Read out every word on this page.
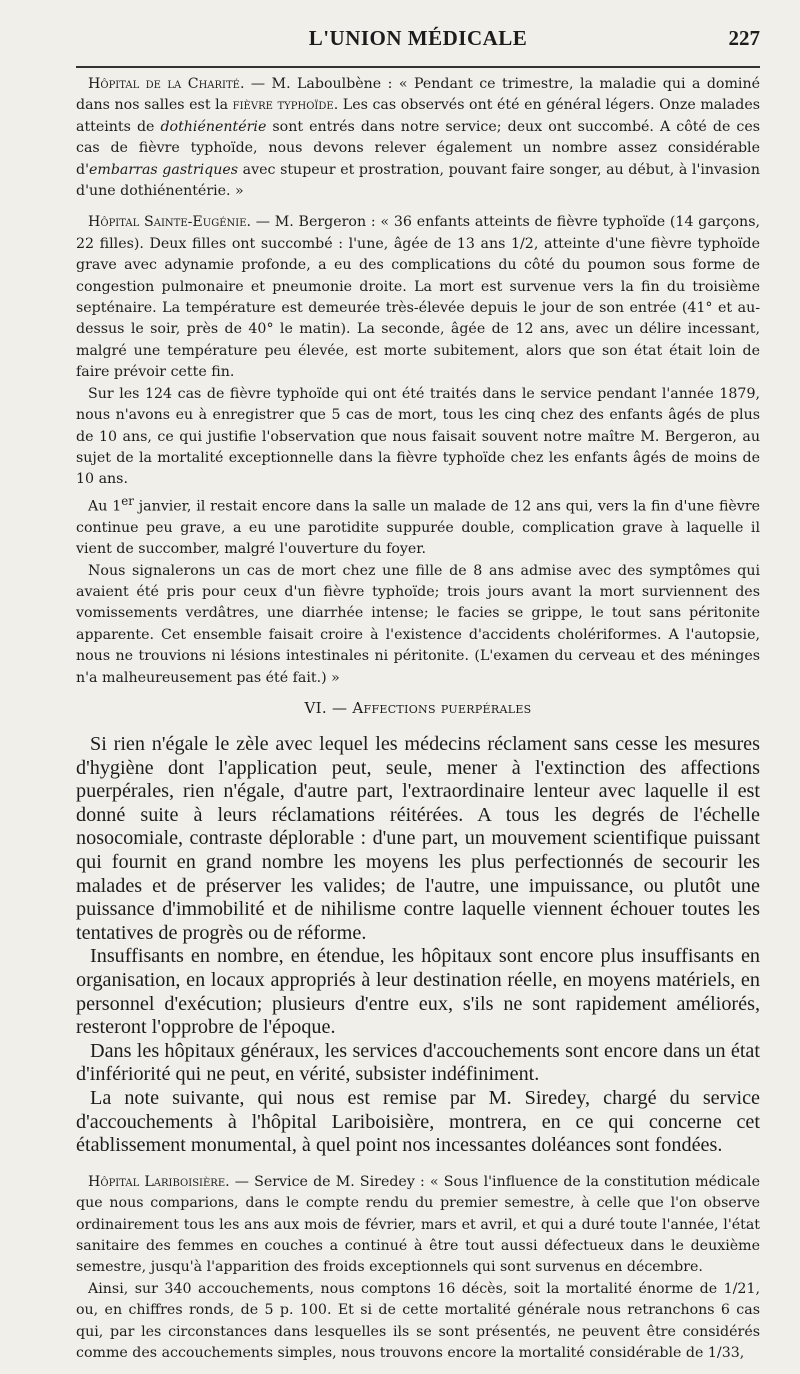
L'UNION MÉDICALE	227

Hôpital de la Charité. — M. Laboulbène : « Pendant ce trimestre, la maladie qui a dominé dans nos salles est la fièvre typhoïde. Les cas observés ont été en général légers. Onze malades atteints de dothiénentérie sont entrés dans notre service; deux ont succombé. A côté de ces cas de fièvre typhoïde, nous devons relever également un nombre assez considérable d'embarras gastriques avec stupeur et prostration, pouvant faire songer, au début, à l'invasion d'une dothiénentérie. »

Hôpital Sainte-Eugénie. — M. Bergeron : « 36 enfants atteints de fièvre typhoïde (14 garçons, 22 filles). Deux filles ont succombé : l'une, âgée de 13 ans 1/2, atteinte d'une fièvre typhoïde grave avec adynamie profonde, a eu des complications du côté du poumon sous forme de congestion pulmonaire et pneumonie droite. La mort est survenue vers la fin du troisième septénaire. La température est demeurée très-élevée depuis le jour de son entrée (41° et au-dessus le soir, près de 40° le matin). La seconde, âgée de 12 ans, avec un délire incessant, malgré une température peu élevée, est morte subitement, alors que son état était loin de faire prévoir cette fin.

Sur les 124 cas de fièvre typhoïde qui ont été traités dans le service pendant l'année 1879, nous n'avons eu à enregistrer que 5 cas de mort, tous les cinq chez des enfants âgés de plus de 10 ans, ce qui justifie l'observation que nous faisait souvent notre maître M. Bergeron, au sujet de la mortalité exceptionnelle dans la fièvre typhoïde chez les enfants âgés de moins de 10 ans.

Au 1er janvier, il restait encore dans la salle un malade de 12 ans qui, vers la fin d'une fièvre continue peu grave, a eu une parotidite suppurée double, complication grave à laquelle il vient de succomber, malgré l'ouverture du foyer.

Nous signalerons un cas de mort chez une fille de 8 ans admise avec des symptômes qui avaient été pris pour ceux d'un fièvre typhoïde; trois jours avant la mort surviennent des vomissements verdâtres, une diarrhée intense; le facies se grippe, le tout sans péritonite apparente. Cet ensemble faisait croire à l'existence d'accidents cholériformes. A l'autopsie, nous ne trouvions ni lésions intestinales ni péritonite. (L'examen du cerveau et des méninges n'a malheureusement pas été fait.) »

VI. — Affections puerpérales

Si rien n'égale le zèle avec lequel les médecins réclament sans cesse les mesures d'hygiène dont l'application peut, seule, mener à l'extinction des affections puerpérales, rien n'égale, d'autre part, l'extraordinaire lenteur avec laquelle il est donné suite à leurs réclamations réitérées. A tous les degrés de l'échelle nosocomiale, contraste déplorable : d'une part, un mouvement scientifique puissant qui fournit en grand nombre les moyens les plus perfectionnés de secourir les malades et de préserver les valides; de l'autre, une impuissance, ou plutôt une puissance d'immobilité et de nihilisme contre laquelle viennent échouer toutes les tentatives de progrès ou de réforme.

Insuffisants en nombre, en étendue, les hôpitaux sont encore plus insuffisants en organisation, en locaux appropriés à leur destination réelle, en moyens matériels, en personnel d'exécution; plusieurs d'entre eux, s'ils ne sont rapidement améliorés, resteront l'opprobre de l'époque.

Dans les hôpitaux généraux, les services d'accouchements sont encore dans un état d'infériorité qui ne peut, en vérité, subsister indéfiniment.

La note suivante, qui nous est remise par M. Siredey, chargé du service d'accouchements à l'hôpital Lariboisière, montrera, en ce qui concerne cet établissement monumental, à quel point nos incessantes doléances sont fondées.

Hôpital Lariboisière. — Service de M. Siredey : « Sous l'influence de la constitution médicale que nous comparions, dans le compte rendu du premier semestre, à celle que l'on observe ordinairement tous les ans aux mois de février, mars et avril, et qui a duré toute l'année, l'état sanitaire des femmes en couches a continué à être tout aussi défectueux dans le deuxième semestre, jusqu'à l'apparition des froids exceptionnels qui sont survenus en décembre.

Ainsi, sur 340 accouchements, nous comptons 16 décès, soit la mortalité énorme de 1/21, ou, en chiffres ronds, de 5 p. 100. Et si de cette mortalité générale nous retranchons 6 cas qui, par les circonstances dans lesquelles ils se sont présentés, ne peuvent être considérés comme des accouchements simples, nous trouvons encore la mortalité considérable de 1/33,
